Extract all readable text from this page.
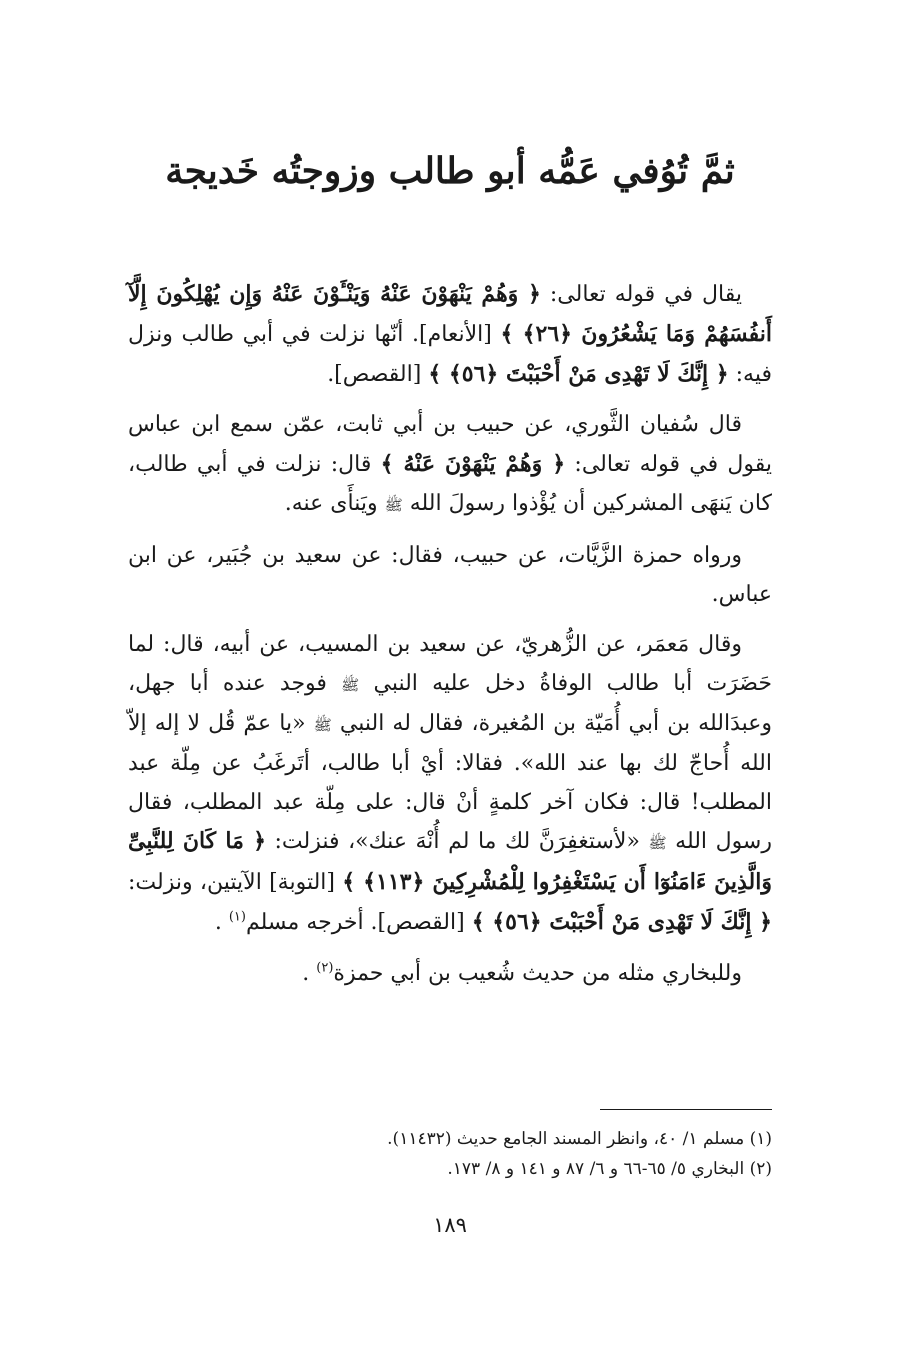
ثمَّ تُوُفي عَمُّه أبو طالب وزوجتُه خَديجة

يقال في قوله تعالى: ﴿ وَهُمْ يَنْهَوْنَ عَنْهُ وَيَنْـَٔوْنَ عَنْهُ وَإِن يُهْلِكُونَ إِلَّآ أَنفُسَهُمْ وَمَا يَشْعُرُونَ ﴿٢٦﴾ ﴾ [الأنعام]. أنّها نزلت في أبي طالب ونزل فيه: ﴿ إِنَّكَ لَا تَهْدِى مَنْ أَحْبَبْتَ ﴿٥٦﴾ ﴾ [القصص].

قال سُفيان الثَّوري، عن حبيب بن أبي ثابت، عمّن سمع ابن عباس يقول في قوله تعالى: ﴿ وَهُمْ يَنْهَوْنَ عَنْهُ ﴾ قال: نزلت في أبي طالب، كان يَنهَى المشركين أن يُؤْذوا رسولَ الله ﷺ ويَنأَى عنه.

ورواه حمزة الزَّيَّات، عن حبيب، فقال: عن سعيد بن جُبَير، عن ابن عباس.

وقال مَعمَر، عن الزُّهريّ، عن سعيد بن المسيب، عن أبيه، قال: لما حَضَرَت أبا طالب الوفاةُ دخل عليه النبي ﷺ فوجد عنده أبا جهل، وعبدَالله بن أبي أُمَيّة بن المُغيرة، فقال له النبي ﷺ «يا عمّ قُل لا إله إلاّ الله أُحاجّ لك بها عند الله». فقالا: أيْ أبا طالب، أتَرغَبُ عن مِلّة عبد المطلب! قال: فكان آخر كلمةٍ أنْ قال: على مِلّة عبد المطلب، فقال رسول الله ﷺ «لأستغفِرَنَّ لك ما لم أُنْهَ عنك»، فنزلت: ﴿ مَا كَانَ لِلنَّبِىِّ وَالَّذِينَ ءَامَنُوٓا أَن يَسْتَغْفِرُوا لِلْمُشْرِكِينَ ﴿١١٣﴾ ﴾ [التوبة] الآيتين، ونزلت: ﴿ إِنَّكَ لَا تَهْدِى مَنْ أَحْبَبْتَ ﴿٥٦﴾ ﴾ [القصص]. أخرجه مسلم$^{(١)}$ .

وللبخاري مثله من حديث شُعيب بن أبي حمزة$^{(٢)}$ .

(١) مسلم ١/ ٤٠، وانظر المسند الجامع حديث (١١٤٣٢).

(٢) البخاري ٥/ ٦٥-٦٦ و ٦/ ٨٧ و ١٤١ و ٨/ ١٧٣.

١٨٩
